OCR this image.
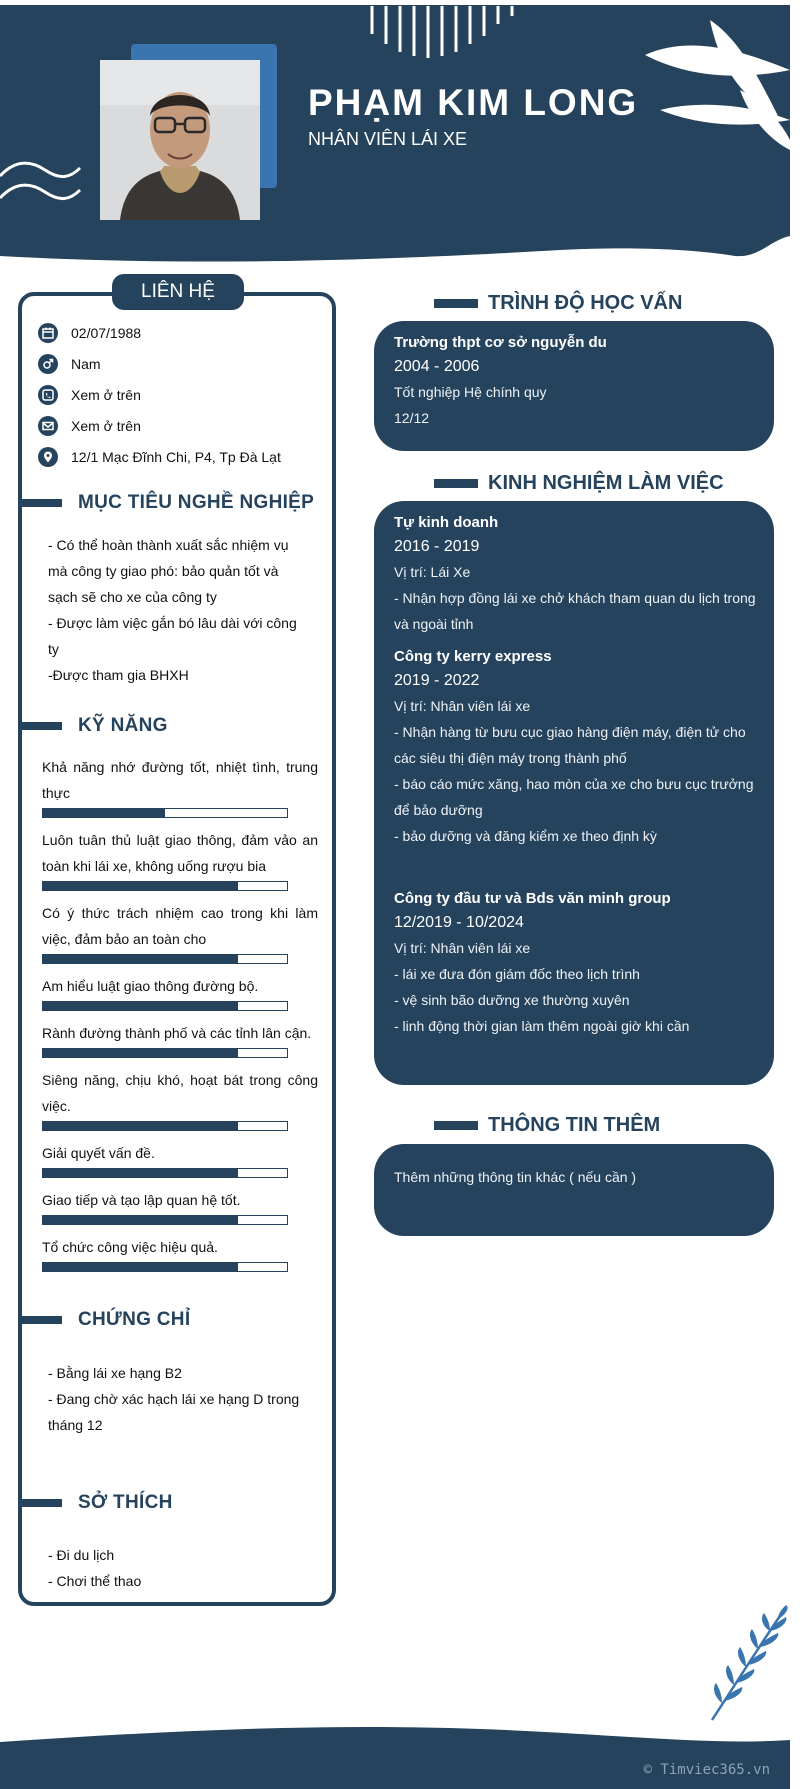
PHẠM KIM LONG
NHÂN VIÊN LÁI XE
LIÊN HỆ
02/07/1988
Nam
Xem ở trên
Xem ở trên
12/1 Mạc Đĩnh Chi, P4, Tp Đà Lạt
MỤC TIÊU NGHỀ NGHIỆP
- Có thể hoàn thành xuất sắc nhiệm vụ
mà công ty giao phó: bảo quản tốt và
sạch sẽ cho xe của công ty
- Được làm việc gắn bó lâu dài với công
ty
-Được tham gia BHXH
KỸ NĂNG
Khả năng nhớ đường tốt, nhiệt tình, trung thực
Luôn tuân thủ luật giao thông, đảm vảo an toàn khi lái xe, không uống rượu bia
Có ý thức trách nhiệm cao trong khi làm việc, đảm bảo an toàn cho
Am hiểu luật giao thông đường bộ.
Rành đường thành phố và các tỉnh lân cận.
Siêng năng, chịu khó, hoạt bát trong công việc.
Giải quyết vấn đề.
Giao tiếp và tạo lập quan hệ tốt.
Tổ chức công việc hiệu quả.
CHỨNG CHỈ
- Bằng lái xe hạng B2
- Đang chờ xác hạch lái xe hạng D trong
tháng 12
SỞ THÍCH
- Đi du lịch
- Chơi thể thao
TRÌNH ĐỘ HỌC VẤN
Trường thpt cơ sở nguyễn du
2004 - 2006
Tốt nghiệp Hệ chính quy
12/12
KINH NGHIỆM LÀM VIỆC
Tự kinh doanh
2016 - 2019
Vị trí: Lái Xe
- Nhận hợp đồng lái xe chở khách tham quan du lịch trong
và ngoài tỉnh
Công ty kerry express
2019 - 2022
Vị trí: Nhân viên lái xe
- Nhận hàng từ bưu cục giao hàng điện máy, điện tử cho
các siêu thị điện máy trong thành phố
- báo cáo mức xăng, hao mòn của xe cho bưu cục trưởng
để bảo dưỡng
- bảo dưỡng và đăng kiểm xe theo định kỳ
Công ty đầu tư và Bds văn minh group
12/2019 - 10/2024
Vị trí: Nhân viên lái xe
- lái xe đưa đón giám đốc theo lịch trình
- vệ sinh bão dưỡng xe thường xuyên
- linh động thời gian làm thêm ngoài giờ khi cần
THÔNG TIN THÊM
Thêm những thông tin khác ( nếu cần )
© Timviec365.vn
